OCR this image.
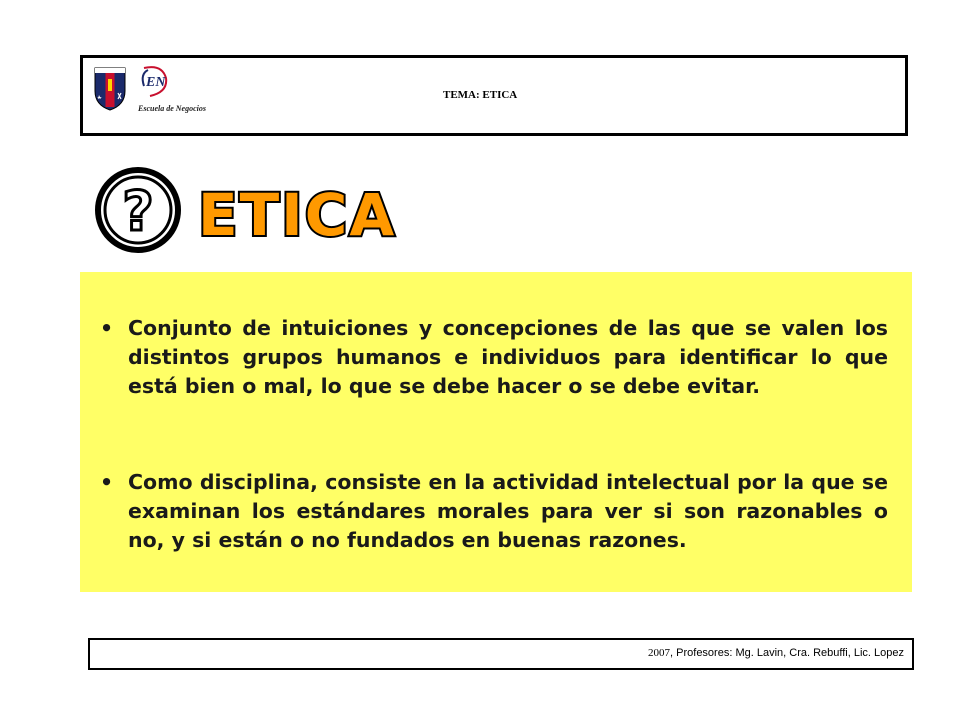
EN
Escuela de Negocios
TEMA: ETICA
? ETICA
• Conjunto de intuiciones y concepciones de las que se valen los distintos grupos humanos e individuos para identificar lo que está bien o mal, lo que se debe hacer o se debe evitar.
• Como disciplina, consiste en la actividad intelectual por la que se examinan los estándares morales para ver si son razonables o no, y si están o no fundados en buenas razones.
2007, Profesores: Mg. Lavin, Cra. Rebuffi, Lic. Lopez
